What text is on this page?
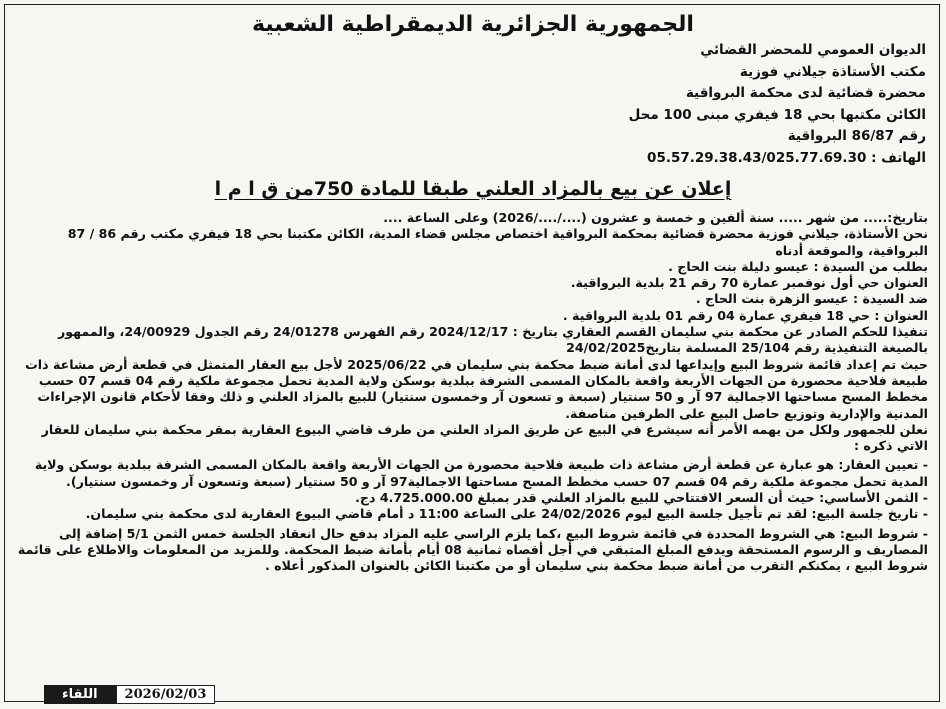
الجمهورية الجزائرية الديمقراطية الشعبية
الديوان العمومي للمحضر القضائي
مكتب الأستاذة جيلاني فوزية
محضرة قضائية لدى محكمة البرواقية
الكائن مكتبها بحي 18 فيفري مبنى 100 محل
رقم 86/87 البرواقية
الهاتف : 05.57.29.38.43/025.77.69.30
إعلان عن بيع بالمزاد العلني طبقا للمادة 750من ق ا م ا

بتاريخ:..... من شهر ..... سنة ألفين و خمسة و عشرون (..../..../2026) وعلى الساعة ....

نحن الأستاذة، جيلاني فوزية محضرة قضائية بمحكمة البرواقية اختصاص مجلس قضاء المدية، الكائن مكتبنا بحي 18 فيفري مكتب رقم 86 / 87 البرواقية، والموقعة أدناه

بطلب من السيدة : عيسو دليلة بنت الحاج .

العنوان حي أول نوفمبر عمارة 70 رقم 21 بلدية البرواقية.

ضد السيدة : عيسو الزهرة بنت الحاج .

العنوان : حي 18 فيفري عمارة 04 رقم 01 بلدية البرواقية .

تنفيذا للحكم الصادر عن محكمة بني سليمان القسم العقاري بتاريخ : 2024/12/17 رقم الفهرس 24/01278 رقم الجدول 24/00929، والممهور بالصيغة التنفيذية رقم 25/104 المسلمة بتاريخ24/02/2025

حيث تم إعداد قائمة شروط البيع وإيداعها لدى أمانة ضبط محكمة بني سليمان في 2025/06/22 لأجل بيع العقار المتمثل في قطعة أرض مشاعة ذات طبيعة فلاحية محصورة من الجهات الأربعة واقعة بالمكان المسمى الشرفة ببلدية بوسكن ولاية المدية تحمل مجموعة ملكية رقم 04 قسم 07 حسب مخطط المسح مساحتها الاجمالية 97 آر و 50 سنتيار (سبعة و تسعون آر وخمسون سنتيار) للبيع بالمزاد العلني و ذلك وفقا لأحكام قانون الإجراءات المدنية والإدارية وتوزيع حاصل البيع على الطرفين مناصفة.

نعلن للجمهور ولكل من يهمه الأمر أنه سيشرع في البيع عن طريق المزاد العلني من طرف قاضي البيوع العقارية بمقر محكمة بني سليمان للعقار الاتي ذكره :

- تعيين العقار: هو عبارة عن قطعة أرض مشاعة ذات طبيعة فلاحية محصورة من الجهات الأربعة واقعة بالمكان المسمى الشرفة ببلدية بوسكن ولاية المدية تحمل مجموعة ملكية رقم 04 قسم 07 حسب مخطط المسح مساحتها الاجمالية97 آر و 50 سنتيار (سبعة وتسعون آر وخمسون سنتيار).

- الثمن الأساسي: حيث أن السعر الافتتاحي للبيع بالمزاد العلني قدر بمبلغ 4.725.000.00 دج.

- تاريخ جلسة البيع: لقد تم تأجيل جلسة البيع ليوم 24/02/2026 على الساعة 11:00 د أمام قاضي البيوع العقارية لدى محكمة بني سليمان.

- شروط البيع: هي الشروط المحددة في قائمة شروط البيع ،كما يلزم الراسي عليه المزاد بدفع حال انعقاد الجلسة خمس الثمن 5/1 إضافة إلى المصاريف و الرسوم المستحقة ويدفع المبلغ المتبقي في أجل أقصاه ثمانية 08 أيام بأمانة ضبط المحكمة. وللمزيد من المعلومات والاطلاع على قائمة شروط البيع ، يمكنكم التقرب من أمانة ضبط محكمة بني سليمان أو من مكتبنا الكائن بالعنوان المذكور أعلاه .

اللقاء	2026/02/03
